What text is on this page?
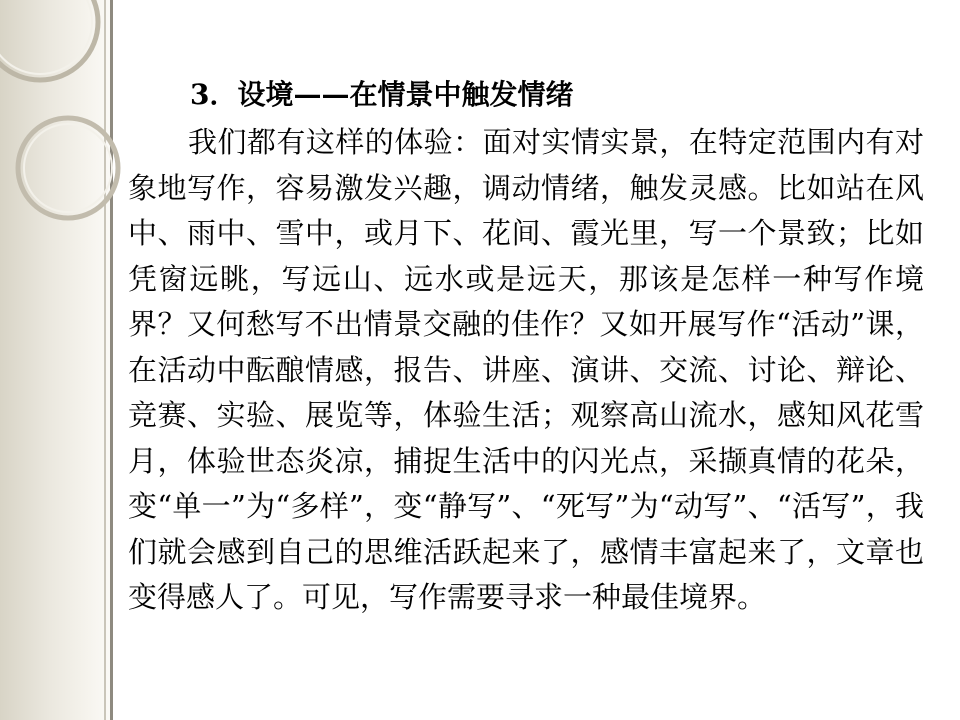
3．设境——在情景中触发情绪

我们都有这样的体验：面对实情实景，在特定范围内有对象地写作，容易激发兴趣，调动情绪，触发灵感。比如站在风中、雨中、雪中，或月下、花间、霞光里，写一个景致；比如凭窗远眺，写远山、远水或是远天，那该是怎样一种写作境界？又何愁写不出情景交融的佳作？又如开展写作“活动”课，在活动中酝酿情感，报告、讲座、演讲、交流、讨论、辩论、竞赛、实验、展览等，体验生活；观察高山流水，感知风花雪月，体验世态炎凉，捕捉生活中的闪光点，采撷真情的花朵，变“单一”为“多样”，变“静写”、“死写”为“动写”、“活写”，我们就会感到自己的思维活跃起来了，感情丰富起来了，文章也变得感人了。可见，写作需要寻求一种最佳境界。
